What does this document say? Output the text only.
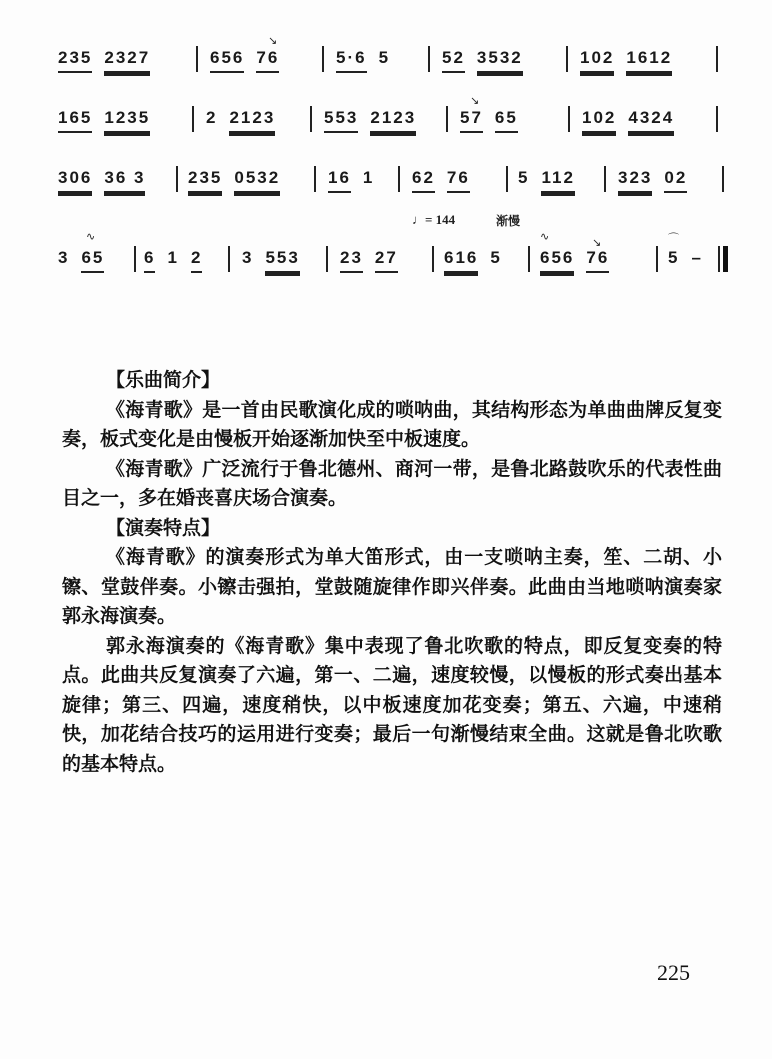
235 2327	656 76
↘
5·6 5	52 3532	102 1612
165 1235	2 2123	553 2123	57 65
↘
102 4324
306 36 3	235 0532	16 1	62 76	5 112	323 02
♩= 144	渐慢
3 65
∿
6 1 2	3 553	23 27	616 5	656 76
∿	↘
5 –
⌒
【乐曲简介】
《海青歌》是一首由民歌演化成的唢呐曲，其结构形态为单曲曲牌反复变奏，板式变化是由慢板开始逐渐加快至中板速度。
《海青歌》广泛流行于鲁北德州、商河一带，是鲁北路鼓吹乐的代表性曲目之一，多在婚丧喜庆场合演奏。
【演奏特点】
《海青歌》的演奏形式为单大笛形式，由一支唢呐主奏，笙、二胡、小镲、堂鼓伴奏。小镲击强拍，堂鼓随旋律作即兴伴奏。此曲由当地唢呐演奏家郭永海演奏。
郭永海演奏的《海青歌》集中表现了鲁北吹歌的特点，即反复变奏的特点。此曲共反复演奏了六遍，第一、二遍，速度较慢，以慢板的形式奏出基本旋律；第三、四遍，速度稍快，以中板速度加花变奏；第五、六遍，中速稍快，加花结合技巧的运用进行变奏；最后一句渐慢结束全曲。这就是鲁北吹歌的基本特点。
225
